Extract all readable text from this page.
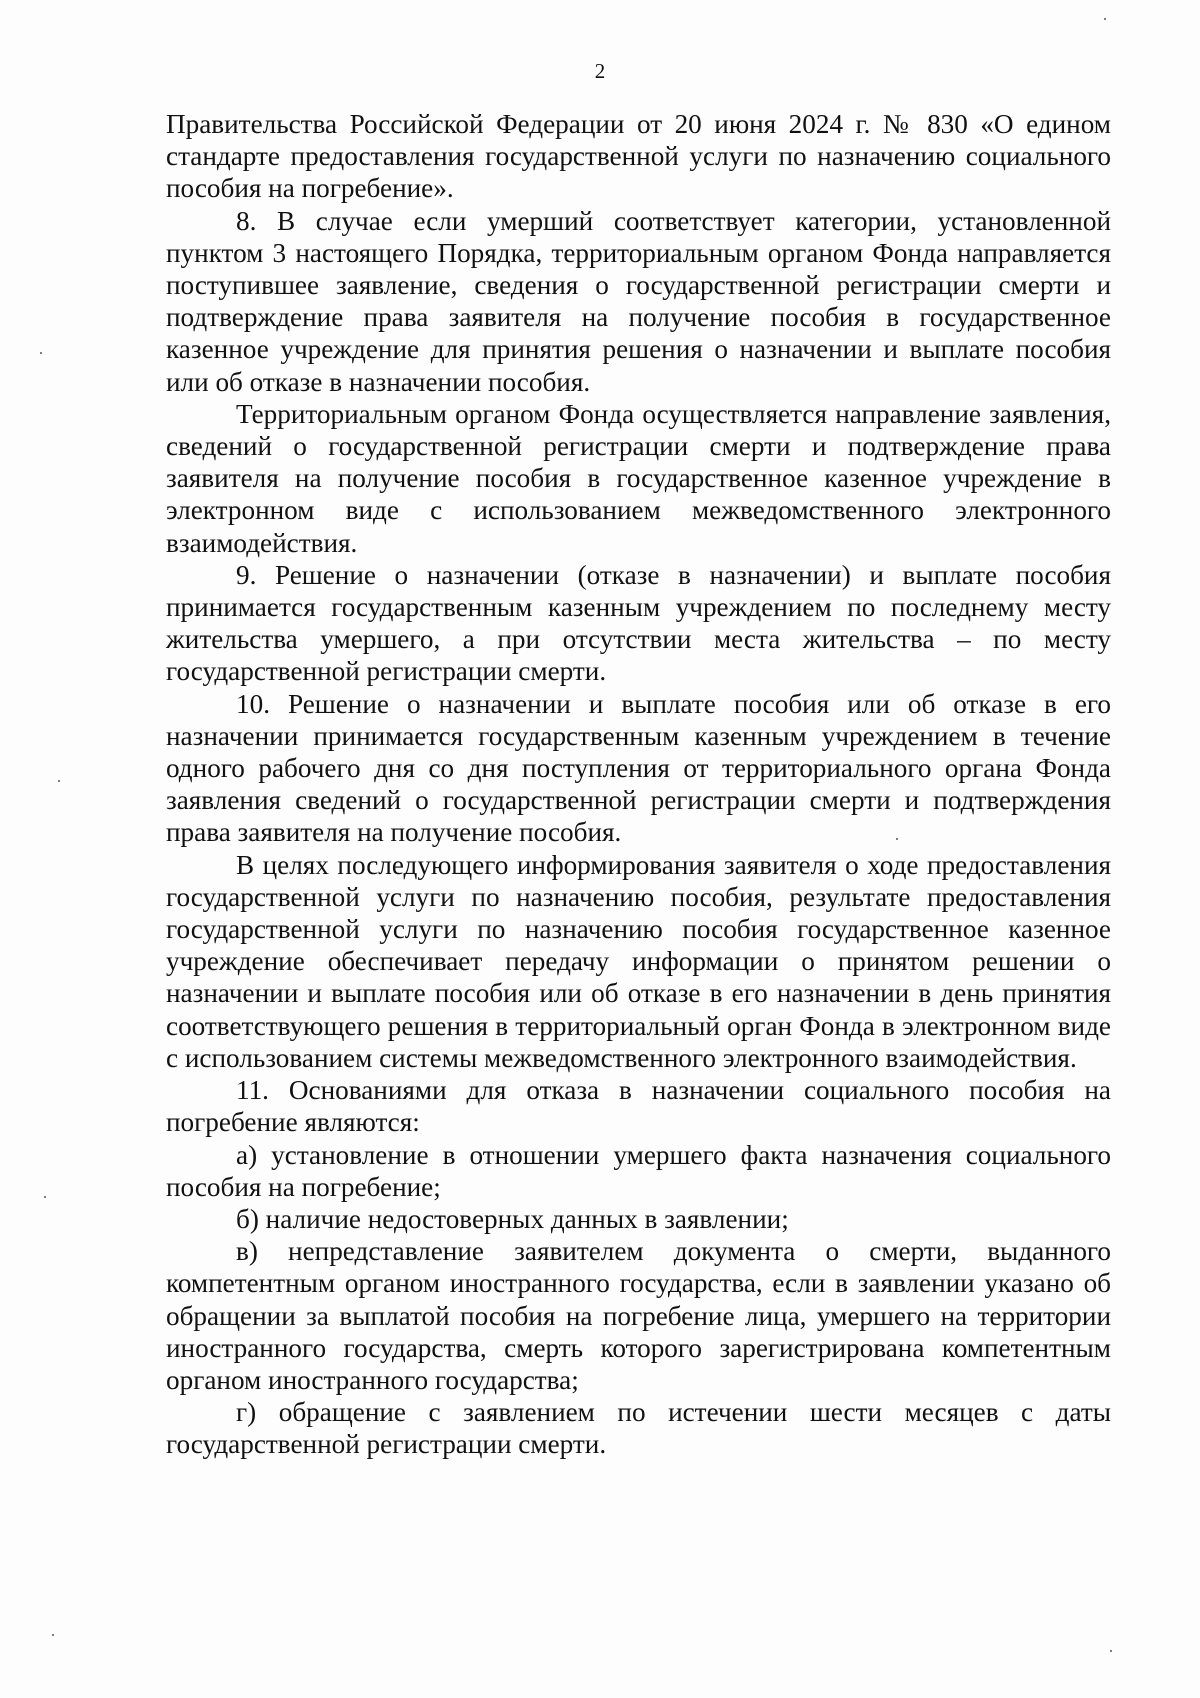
2

Правительства Российской Федерации от 20 июня 2024 г. № 830 «О едином стандарте предоставления государственной услуги по назначению социального пособия на погребение».

8. В случае если умерший соответствует категории, установленной пунктом 3 настоящего Порядка, территориальным органом Фонда направляется поступившее заявление, сведения о государственной регистрации смерти и подтверждение права заявителя на получение пособия в государственное казенное учреждение для принятия решения о назначении и выплате пособия или об отказе в назначении пособия.

Территориальным органом Фонда осуществляется направление заявления, сведений о государственной регистрации смерти и подтверждение права заявителя на получение пособия в государственное казенное учреждение в электронном виде с использованием межведомственного электронного взаимодействия.

9. Решение о назначении (отказе в назначении) и выплате пособия принимается государственным казенным учреждением по последнему месту жительства умершего, а при отсутствии места жительства – по месту государственной регистрации смерти.

10. Решение о назначении и выплате пособия или об отказе в его назначении принимается государственным казенным учреждением в течение одного рабочего дня со дня поступления от территориального органа Фонда заявления сведений о государственной регистрации смерти и подтверждения права заявителя на получение пособия.

В целях последующего информирования заявителя о ходе предоставления государственной услуги по назначению пособия, результате предоставления государственной услуги по назначению пособия государственное казенное учреждение обеспечивает передачу информации о принятом решении о назначении и выплате пособия или об отказе в его назначении в день принятия соответствующего решения в территориальный орган Фонда в электронном виде с использованием системы межведомственного электронного взаимодействия.

11. Основаниями для отказа в назначении социального пособия на погребение являются:

а) установление в отношении умершего факта назначения социального пособия на погребение;

б) наличие недостоверных данных в заявлении;

в) непредставление заявителем документа о смерти, выданного компетентным органом иностранного государства, если в заявлении указано об обращении за выплатой пособия на погребение лица, умершего на территории иностранного государства, смерть которого зарегистрирована компетентным органом иностранного государства;

г) обращение с заявлением по истечении шести месяцев с даты государственной регистрации смерти.
